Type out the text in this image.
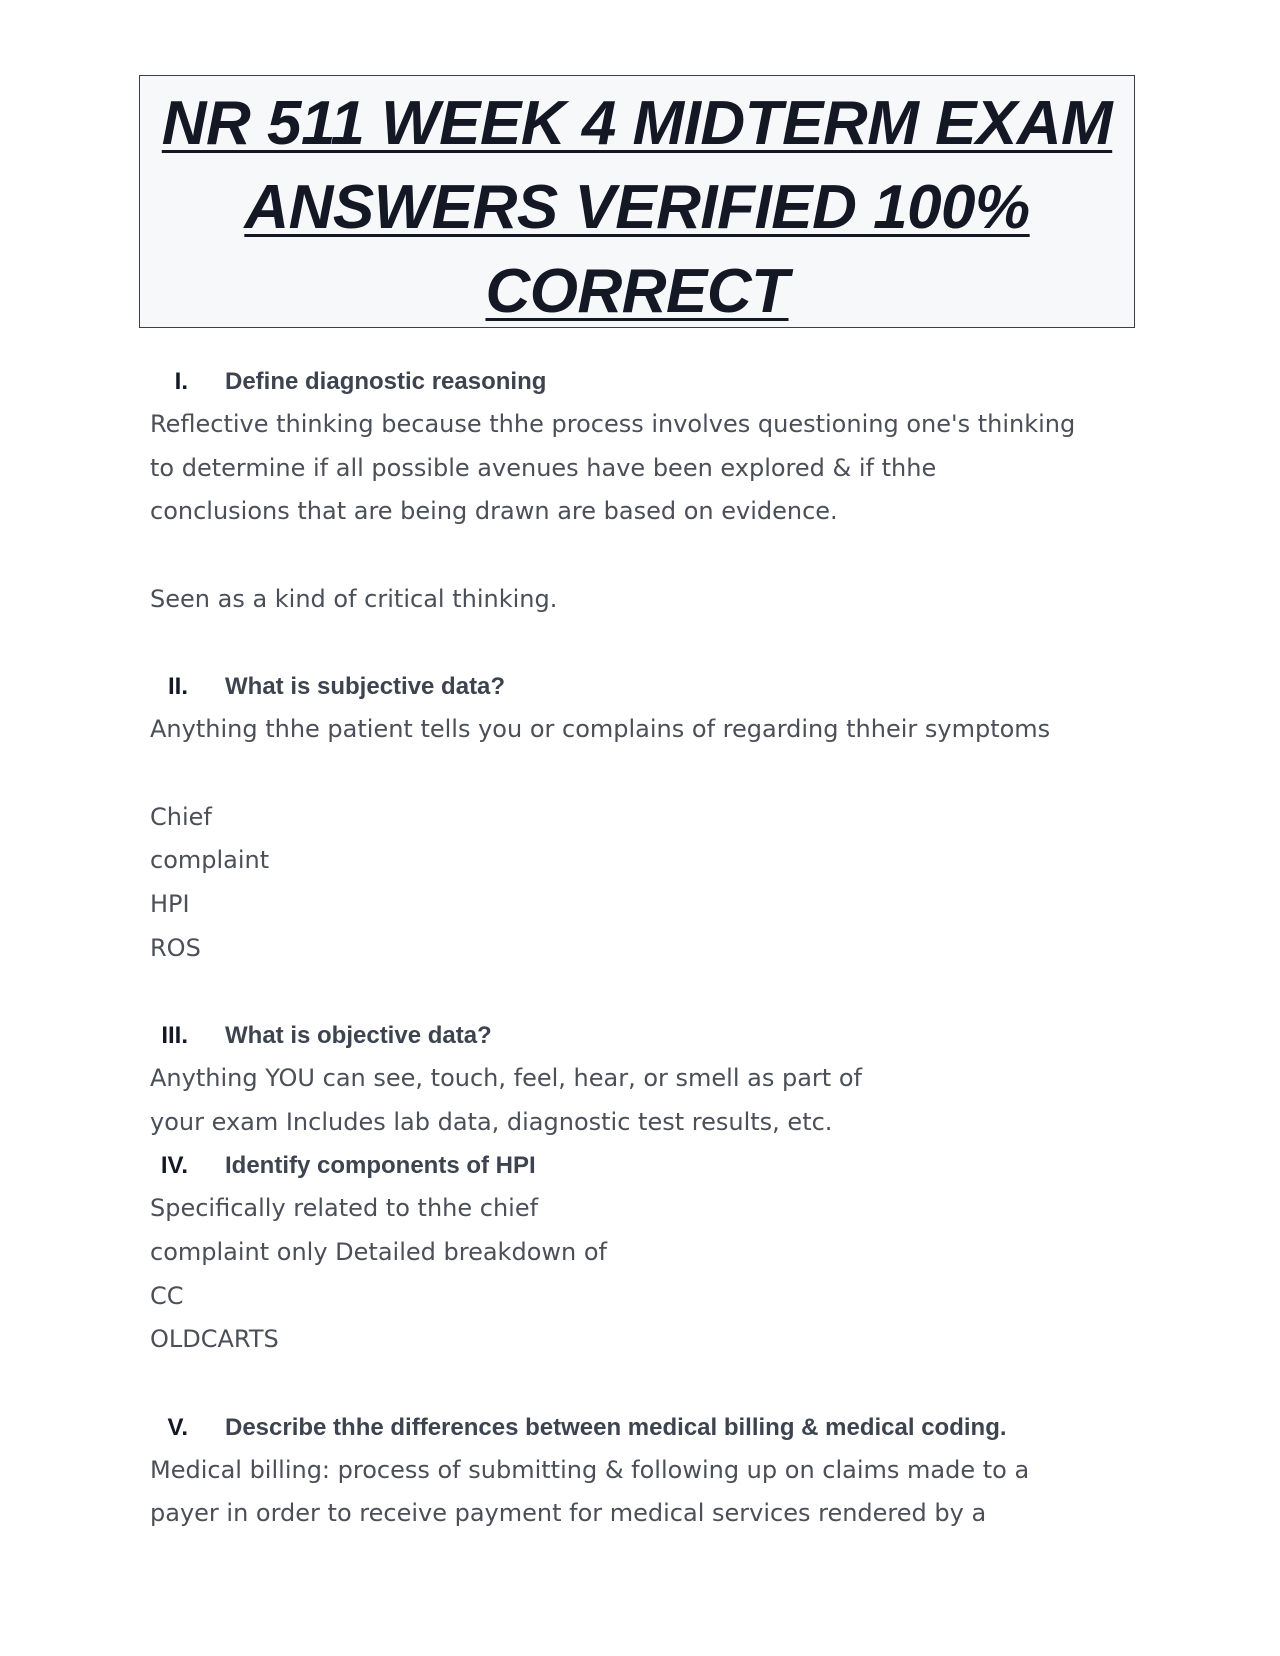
NR 511 WEEK 4 MIDTERM EXAM
ANSWERS VERIFIED 100%
CORRECT
I. Define diagnostic reasoning
Reflective thinking because thhe process involves questioning one's thinking
to determine if all possible avenues have been explored & if thhe
conclusions that are being drawn are based on evidence.
Seen as a kind of critical thinking.
II. What is subjective data?
Anything thhe patient tells you or complains of regarding thheir symptoms
Chief
complaint
HPI
ROS
III. What is objective data?
Anything YOU can see, touch, feel, hear, or smell as part of
your exam Includes lab data, diagnostic test results, etc.
IV. Identify components of HPI
Specifically related to thhe chief
complaint only Detailed breakdown of
CC
OLDCARTS
V. Describe thhe differences between medical billing & medical coding.
Medical billing: process of submitting & following up on claims made to a
payer in order to receive payment for medical services rendered by a
